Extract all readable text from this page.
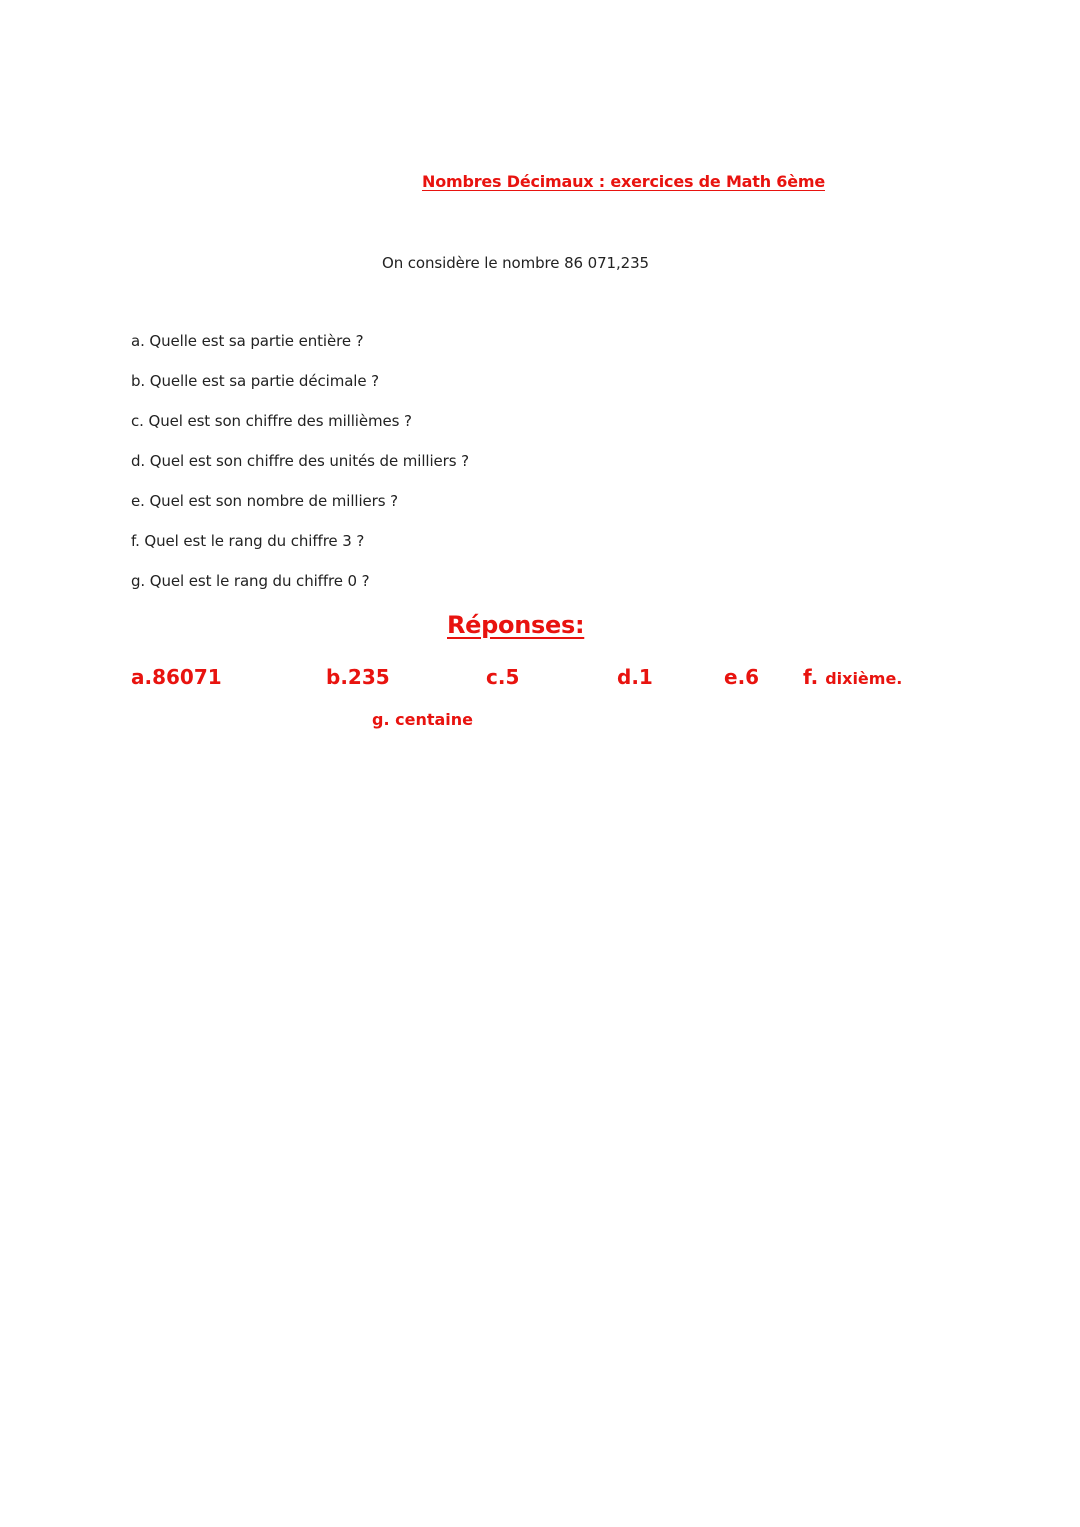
Nombres Décimaux : exercices de Math 6ème
On considère le nombre 86 071,235
a. Quelle est sa partie entière ?
b. Quelle est sa partie décimale ?
c. Quel est son chiffre des millièmes ?
d. Quel est son chiffre des unités de milliers ?
e. Quel est son nombre de milliers ?
f. Quel est le rang du chiffre 3 ?
g. Quel est le rang du chiffre 0 ?
Réponses:
a.86071	b.235	c.5	d.1	e.6 f. dixième.
g. centaine
